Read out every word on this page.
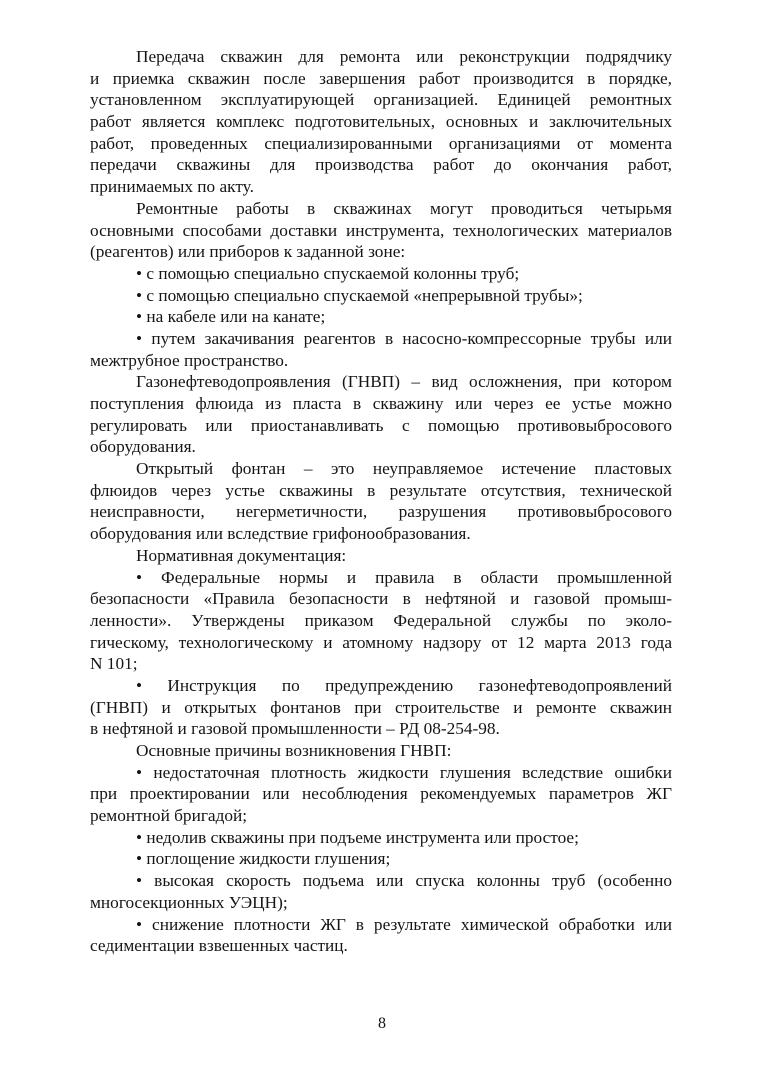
Передача скважин для ремонта или реконструкции подрядчику
и приемка скважин после завершения работ производится в порядке,
установленном эксплуатирующей организацией. Единицей ремонтных
работ является комплекс подготовительных, основных и заключительных
работ, проведенных специализированными организациями от момента
передачи скважины для производства работ до окончания работ,
принимаемых по акту.
Ремонтные работы в скважинах могут проводиться четырьмя
основными способами доставки инструмента, технологических материалов
(реагентов) или приборов к заданной зоне:
• с помощью специально спускаемой колонны труб;
• с помощью специально спускаемой «непрерывной трубы»;
• на кабеле или на канате;
• путем закачивания реагентов в насосно-компрессорные трубы или
межтрубное пространство.
Газонефтеводопроявления (ГНВП) – вид осложнения, при котором
поступления флюида из пласта в скважину или через ее устье можно
регулировать или приостанавливать с помощью противовыбросового
оборудования.
Открытый фонтан – это неуправляемое истечение пластовых
флюидов через устье скважины в результате отсутствия, технической
неисправности, негерметичности, разрушения противовыбросового
оборудования или вследствие грифонообразования.
Нормативная документация:
• Федеральные нормы и правила в области промышленной
безопасности «Правила безопасности в нефтяной и газовой промыш-
ленности». Утверждены приказом Федеральной службы по эколо-
гическому, технологическому и атомному надзору от 12 марта 2013 года
N 101;
• Инструкция по предупреждению газонефтеводопроявлений
(ГНВП) и открытых фонтанов при строительстве и ремонте скважин
в нефтяной и газовой промышленности – РД 08-254-98.
Основные причины возникновения ГНВП:
• недостаточная плотность жидкости глушения вследствие ошибки
при проектировании или несоблюдения рекомендуемых параметров ЖГ
ремонтной бригадой;
• недолив скважины при подъеме инструмента или простое;
• поглощение жидкости глушения;
• высокая скорость подъема или спуска колонны труб (особенно
многосекционных УЭЦН);
• снижение плотности ЖГ в результате химической обработки или
седиментации взвешенных частиц.
8
